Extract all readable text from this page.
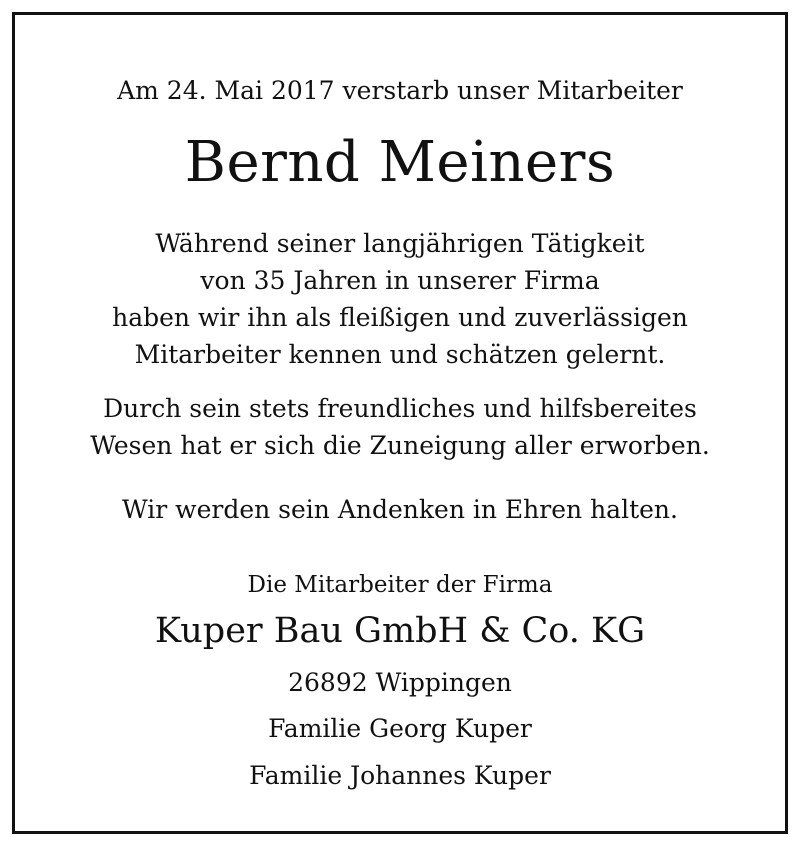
Am 24. Mai 2017 verstarb unser Mitarbeiter
Bernd Meiners
Während seiner langjährigen Tätigkeit
von 35 Jahren in unserer Firma
haben wir ihn als fleißigen und zuverlässigen
Mitarbeiter kennen und schätzen gelernt.
Durch sein stets freundliches und hilfsbereites
Wesen hat er sich die Zuneigung aller erworben.
Wir werden sein Andenken in Ehren halten.
Die Mitarbeiter der Firma
Kuper Bau GmbH & Co. KG
26892 Wippingen
Familie Georg Kuper
Familie Johannes Kuper
